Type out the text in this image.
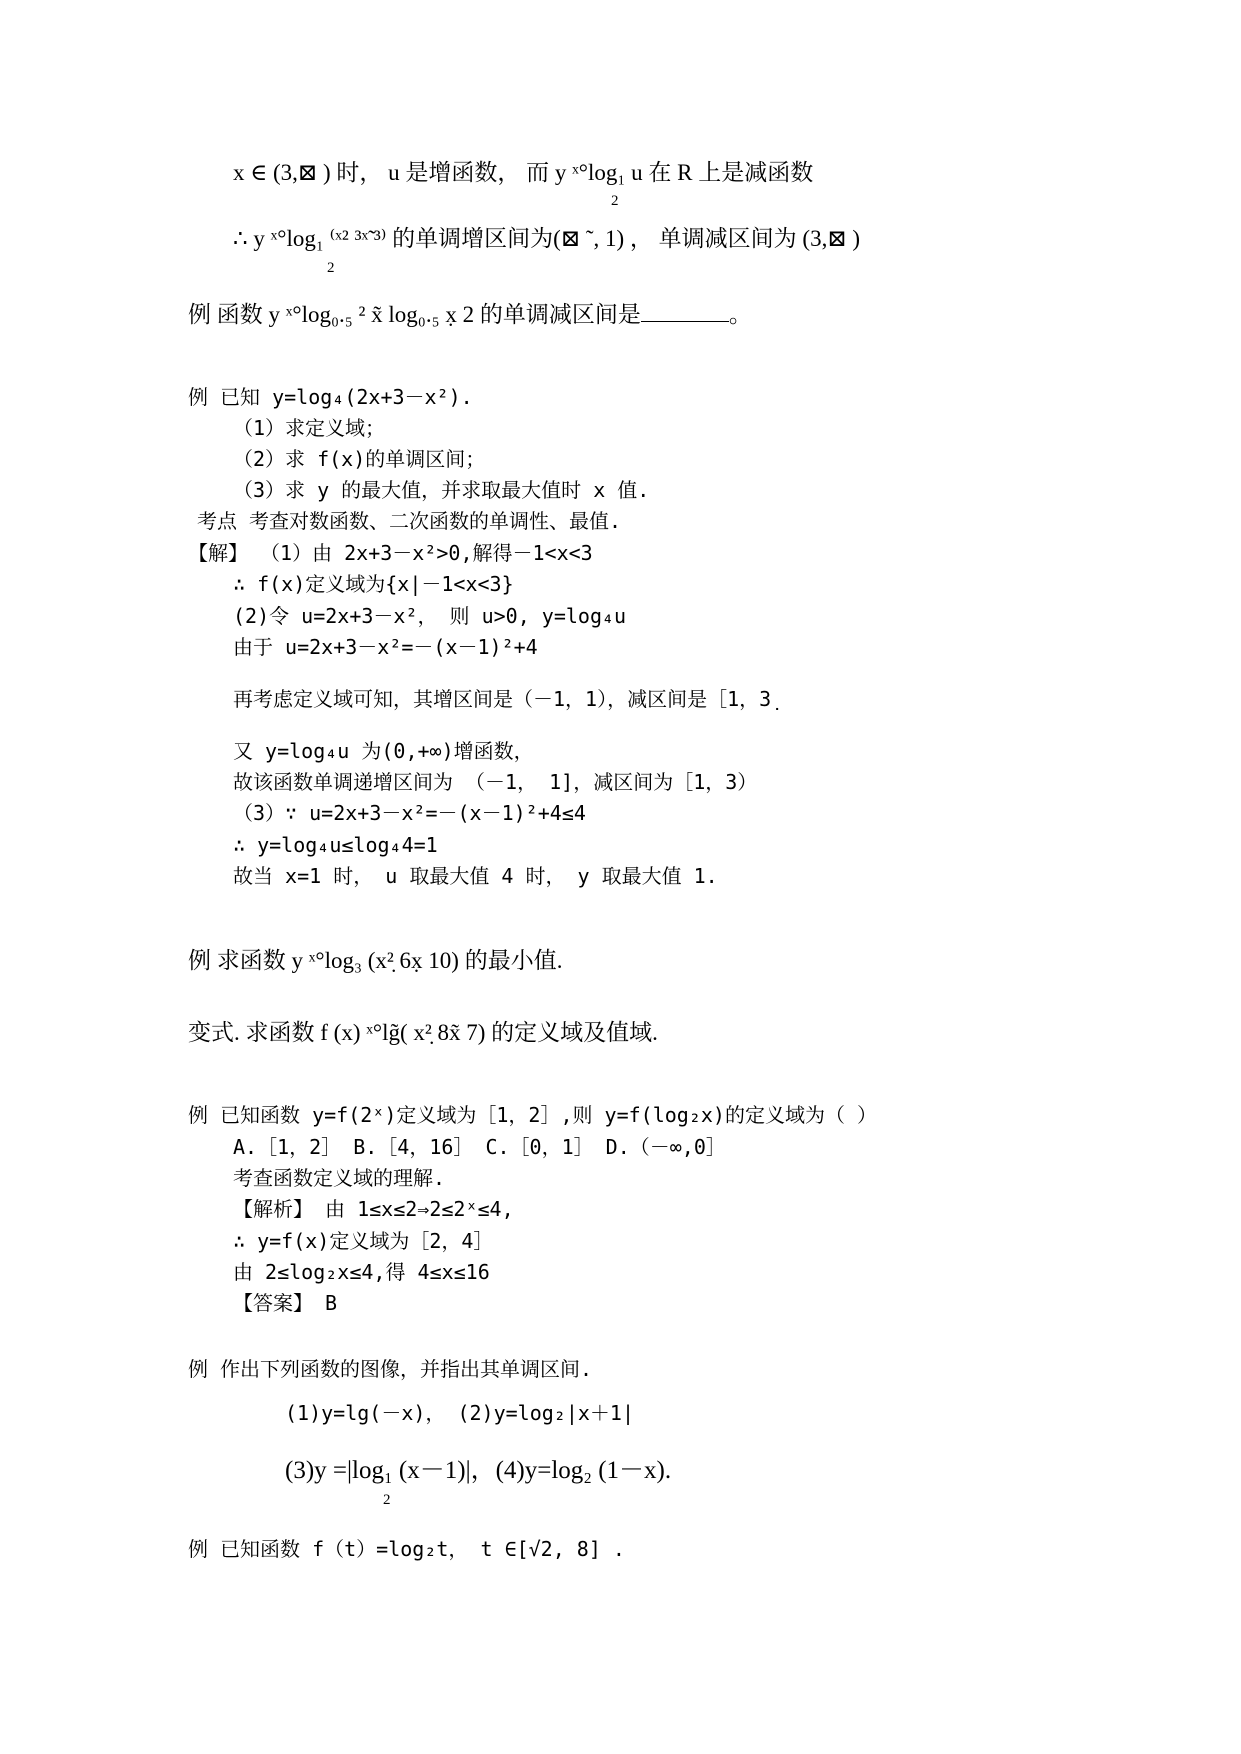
x ∈ (3,⊠ ) 时， u 是增函数， 而 y ˣ°log₁ u 在 R 上是减函数
2
∴ y ˣ°log₁ ⁽ˣ² ³ˣ̃ ³⁾ 的单调增区间为(⊠ ˜, 1) ， 单调减区间为 (3,⊠ )
2
例 函数 y ˣ°log₀.₅ ² x̃ log₀.₅ x̣ 2 的单调减区间是	。
例 已知 y=log₄(2x+3－x²).
（1）求定义域；
（2）求 f(x)的单调区间；
（3）求 y 的最大值，并求取最大值时 x 值.
考点 考查对数函数、二次函数的单调性、最值.
【解】 （1）由 2x+3－x²>0,解得－1<x<3
∴ f(x)定义域为{x|－1<x<3}
(2)令 u=2x+3－x²， 则 u>0, y=log₄u
由于 u=2x+3－x²=－(x－1)²+4
再考虑定义域可知，其增区间是（－1，1），减区间是［1，3̣
又 y=log₄u 为(0,+∞)增函数，
故该函数单调递增区间为 （－1， 1]，减区间为［1，3）
（3）∵ u=2x+3－x²=－(x－1)²+4≤4
∴ y=log₄u≤log₄4=1
故当 x=1 时， u 取最大值 4 时， y 取最大值 1.
例 求函数 y ˣ°log₃ (x²̣ 6x̣ 10) 的最小值.
变式. 求函数 f (x) ˣ°lg̃( x²̣ 8x̃ 7) 的定义域及值域.
例 已知函数 y=f(2ˣ)定义域为［1，2］,则 y=f(log₂x)的定义域为（ ）
A.［1，2］ B.［4，16］ C.［0，1］ D.（－∞,0］
考查函数定义域的理解.
【解析】 由 1≤x≤2⇒2≤2ˣ≤4,
∴ y=f(x)定义域为［2，4］
由 2≤log₂x≤4,得 4≤x≤16
【答案】 B
例 作出下列函数的图像，并指出其单调区间.
(1)y=lg(－x)， (2)y=log₂|x＋1|
(3)y =|log₁ (x－1)|，(4)y=log₂ (1－x).
2
例 已知函数 f（t）=log₂t， t ∈[√2, 8] .
